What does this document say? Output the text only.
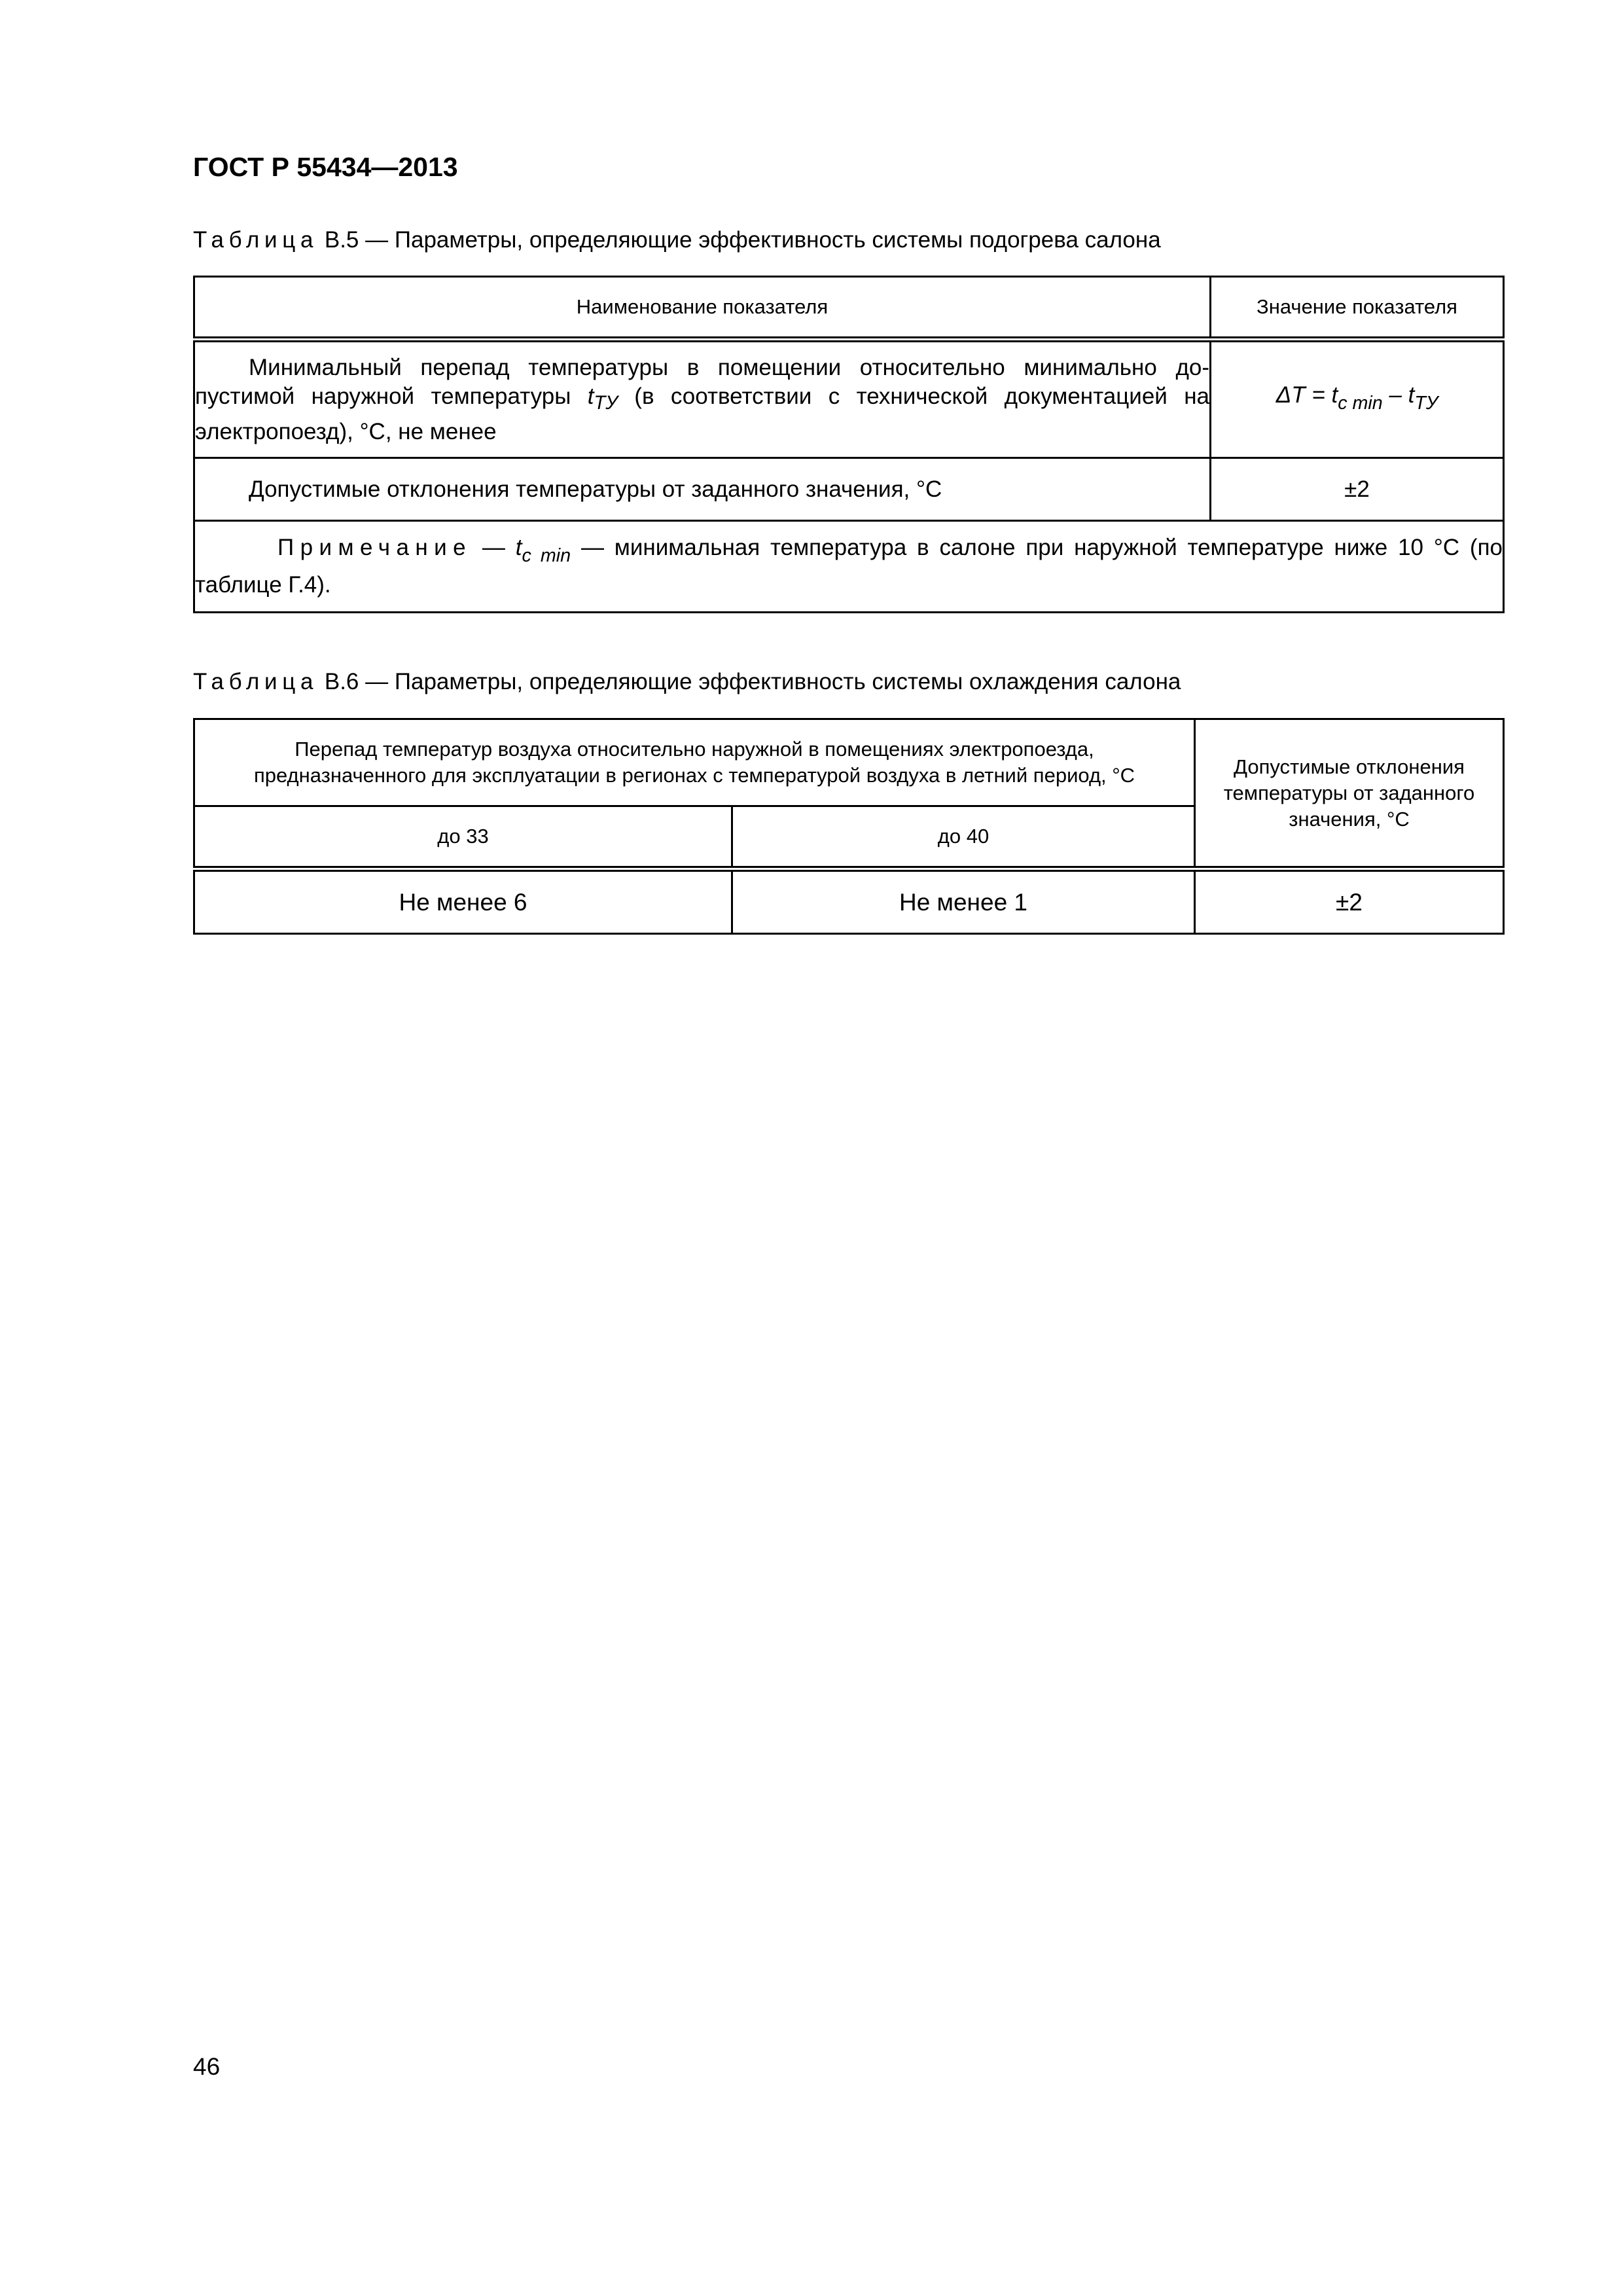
ГОСТ Р 55434—2013
Таблица В.5 — Параметры, определяющие эффективность системы подогрева салона
Наименование показателя	Значение показателя
Минимальный перепад температуры в помещении относительно минимально до-пустимой наружной температуры $t_{ТУ}$ (в соответствии с технической документацией на электропоезд), °С, не менее	$\Delta T = t_{с min} - t_{ТУ}$
Допустимые отклонения температуры от заданного значения, °С	±2
Примечание — $t_{с min}$ — минимальная температура в салоне при наружной температуре ниже 10 °С (по таблице Г.4).	
Таблица В.6 — Параметры, определяющие эффективность системы охлаждения салона
Перепад температур воздуха относительно наружной в помещениях электропоезда, предназначенного для эксплуатации в регионах с температурой воздуха в летний период, °С		Допустимые отклонения температуры от заданного значения, °С
до 33	до 40	
Не менее 6	Не менее 1	±2
46
